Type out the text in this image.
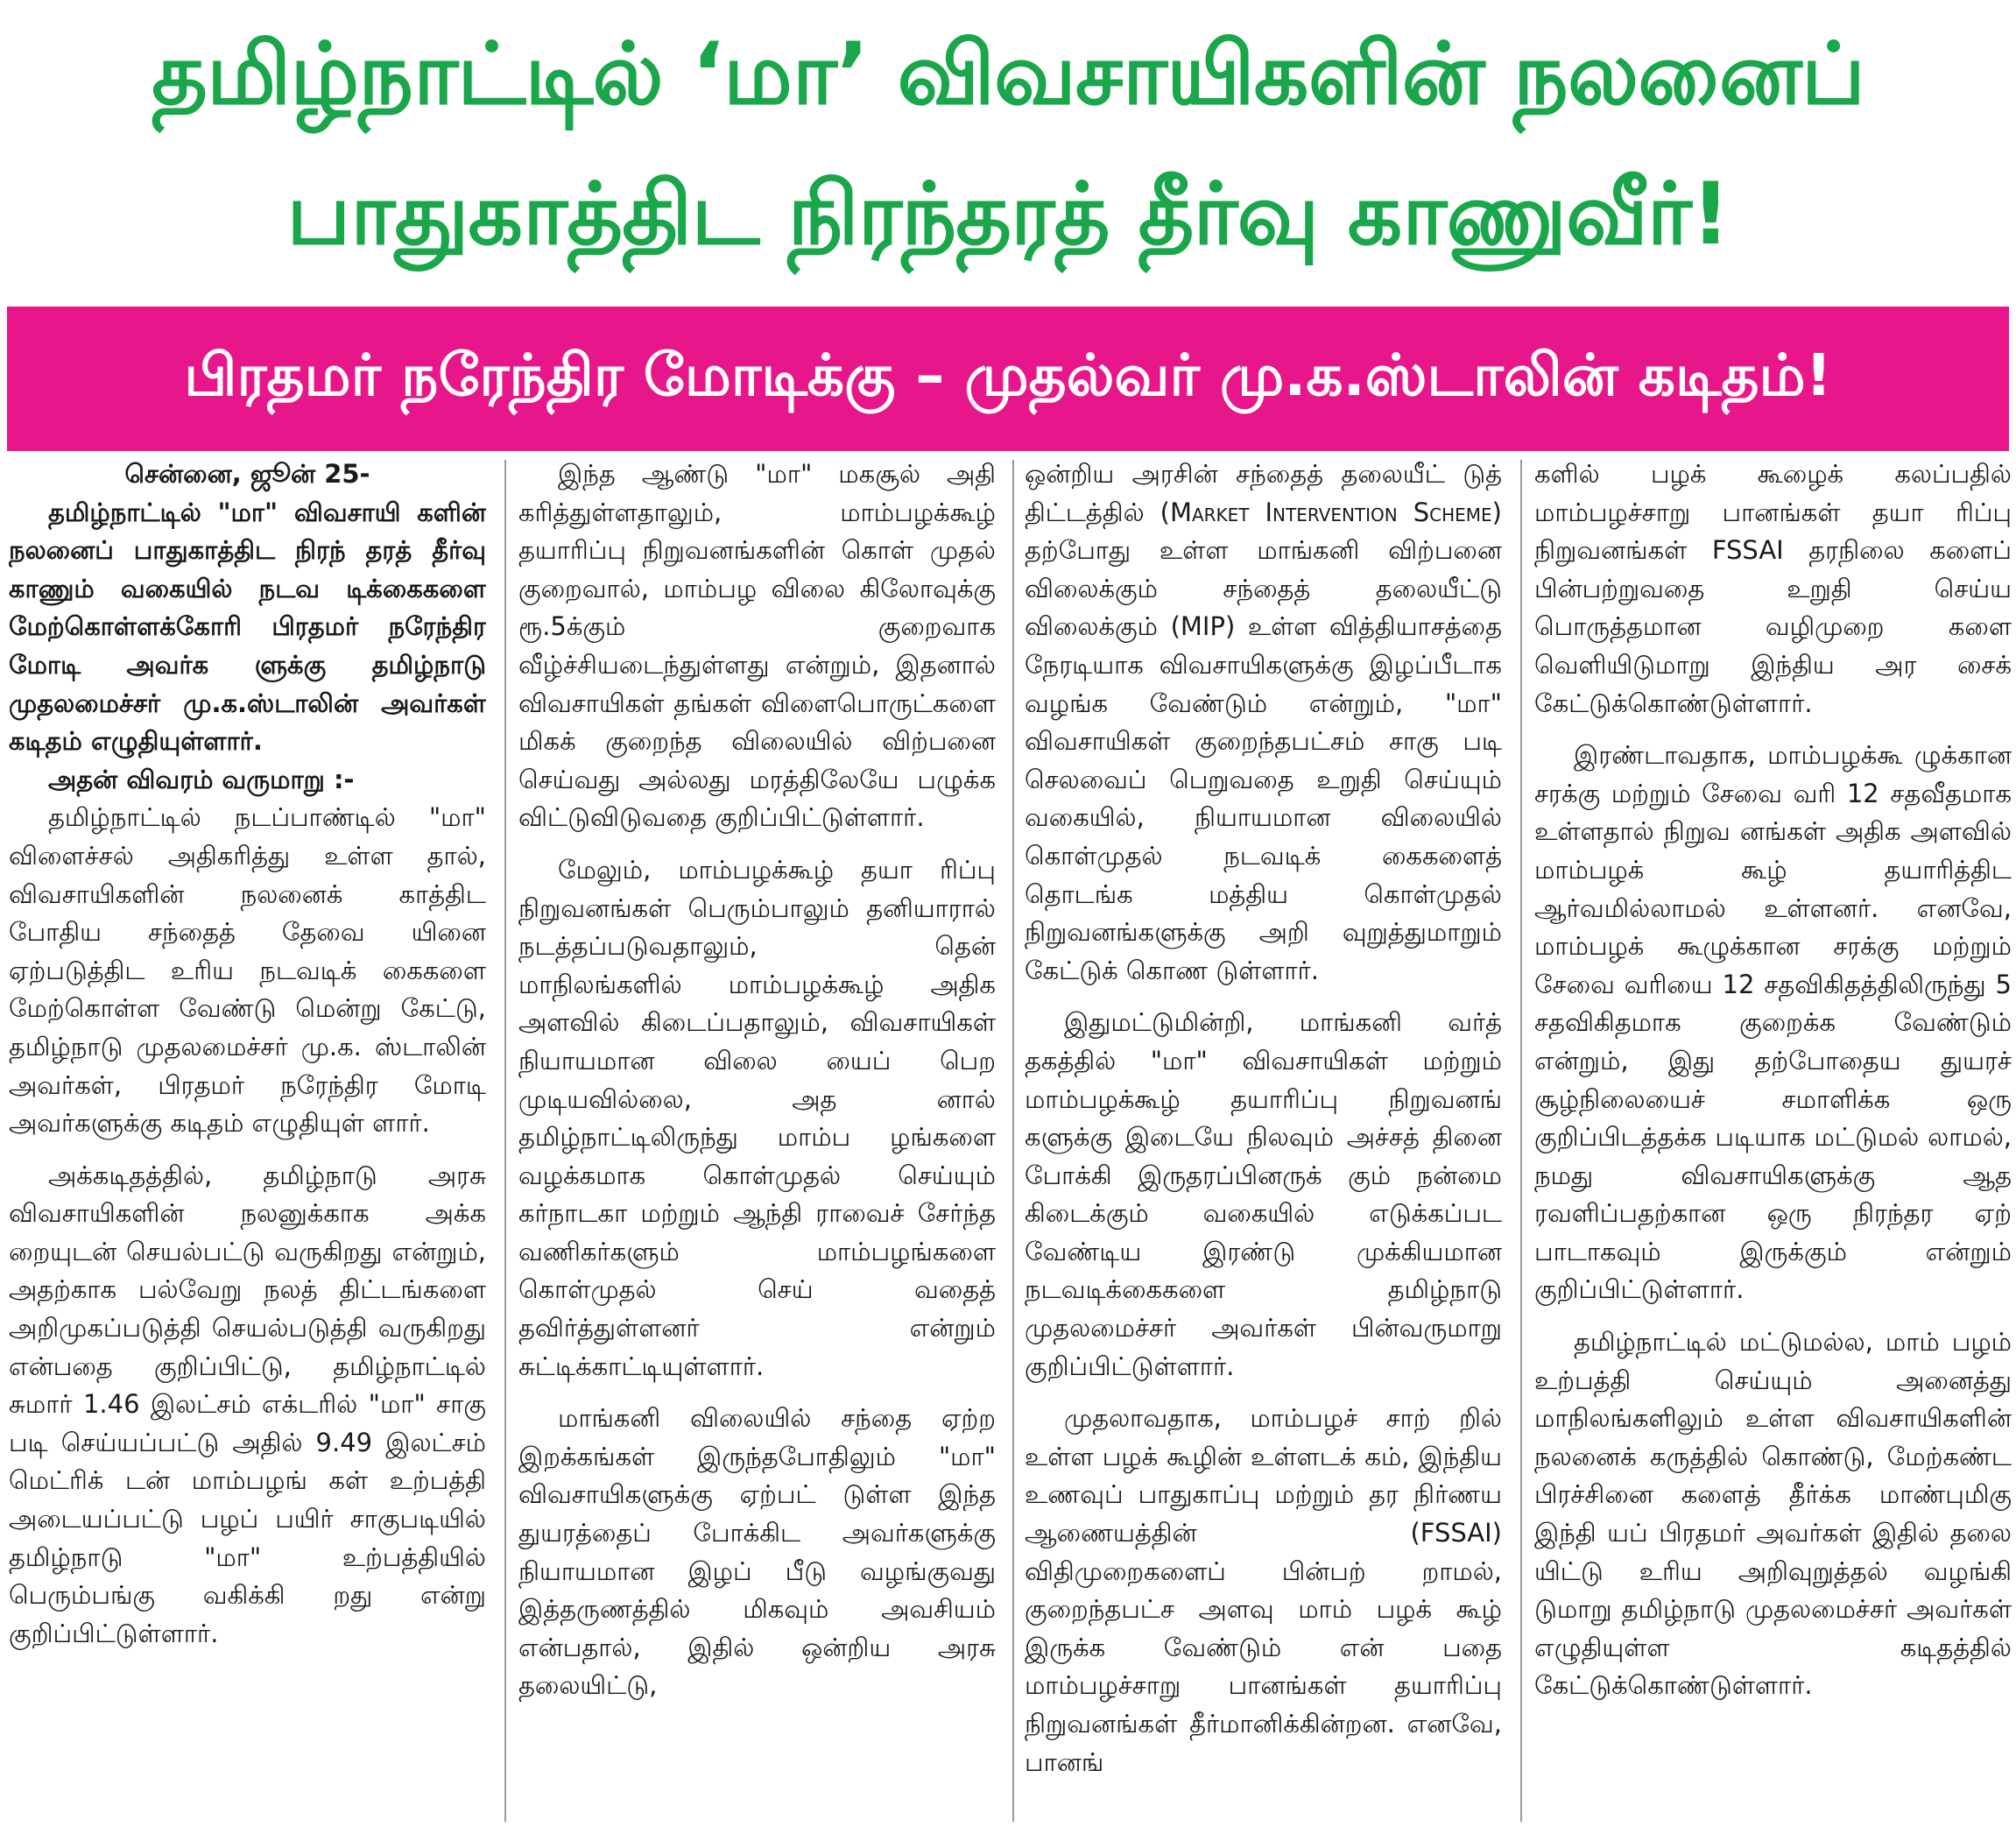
தமிழ்நாட்டில் ‘மா’ விவசாயிகளின் நலனைப்
பாதுகாத்திட நிரந்தரத் தீர்வு காணுவீர்!
பிரதமர் நரேந்திர மோடிக்கு – முதல்வர் மு.க.ஸ்டாலின் கடிதம்!

சென்னை, ஜூன் 25-

தமிழ்நாட்டில் "மா" விவசாயி களின் நலனைப் பாதுகாத்திட நிரந் தரத் தீர்வு காணும் வகையில் நடவ டிக்கைகளை மேற்கொள்ளக்கோரி பிரதமர் நரேந்திர மோடி அவர்க ளுக்கு தமிழ்நாடு முதலமைச்சர் மு.க.ஸ்டாலின் அவர்கள் கடிதம் எழுதியுள்ளார்.

அதன் விவரம் வருமாறு :-

தமிழ்நாட்டில் நடப்பாண்டில் "மா" விளைச்சல் அதிகரித்து உள்ள தால், விவசாயிகளின் நலனைக் காத்திட போதிய சந்தைத் தேவை யினை ஏற்படுத்திட உரிய நடவடிக் கைகளை மேற்கொள்ள வேண்டு மென்று கேட்டு, தமிழ்நாடு முதலமைச்சர் மு.க. ஸ்டாலின் அவர்கள், பிரதமர் நரேந்திர மோடி அவர்களுக்கு கடிதம் எழுதியுள் ளார்.

அக்கடிதத்தில், தமிழ்நாடு அரசு விவசாயிகளின் நலனுக்காக அக்க றையுடன் செயல்பட்டு வருகிறது என்றும், அதற்காக பல்வேறு நலத் திட்டங்களை அறிமுகப்படுத்தி செயல்படுத்தி வருகிறது என்பதை குறிப்பிட்டு, தமிழ்நாட்டில் சுமார் 1.46 இலட்சம் எக்டரில் "மா" சாகு படி செய்யப்பட்டு அதில் 9.49 இலட்சம் மெட்ரிக் டன் மாம்பழங் கள் உற்பத்தி அடையப்பட்டு பழப் பயிர் சாகுபடியில் தமிழ்நாடு "மா" உற்பத்தியில் பெரும்பங்கு வகிக்கி றது என்று குறிப்பிட்டுள்ளார்.

இந்த ஆண்டு "மா" மகசூல் அதி கரித்துள்ளதாலும், மாம்பழக்கூழ் தயாரிப்பு நிறுவனங்களின் கொள் முதல் குறைவால், மாம்பழ விலை கிலோவுக்கு ரூ.5க்கும் குறைவாக வீழ்ச்சியடைந்துள்ளது என்றும், இதனால் விவசாயிகள் தங்கள் விளைபொருட்களை மிகக் குறைந்த விலையில் விற்பனை செய்வது அல்லது மரத்திலேயே பழுக்க விட்டுவிடுவதை குறிப்பிட்டுள்ளார்.

மேலும், மாம்பழக்கூழ் தயா ரிப்பு நிறுவனங்கள் பெரும்பாலும் தனியாரால் நடத்தப்படுவதாலும், தென் மாநிலங்களில் மாம்பழக்கூழ் அதிக அளவில் கிடைப்பதாலும், விவசாயிகள் நியாயமான விலை யைப் பெற முடியவில்லை, அத னால் தமிழ்நாட்டிலிருந்து மாம்ப ழங்களை வழக்கமாக கொள்முதல் செய்யும் கர்நாடகா மற்றும் ஆந்தி ராவைச் சேர்ந்த வணிகர்களும் மாம்பழங்களை கொள்முதல் செய் வதைத் தவிர்த்துள்ளனர் என்றும் சுட்டிக்காட்டியுள்ளார்.

மாங்கனி விலையில் சந்தை ஏற்ற இறக்கங்கள் இருந்தபோதிலும் "மா" விவசாயிகளுக்கு ஏற்பட் டுள்ள இந்த துயரத்தைப் போக்கிட அவர்களுக்கு நியாயமான இழப் பீடு வழங்குவது இத்தருணத்தில் மிகவும் அவசியம் என்பதால், இதில் ஒன்றிய அரசு தலையிட்டு,

ஒன்றிய அரசின் சந்தைத் தலையீட் டுத் திட்டத்தில் (Market Intervention Scheme) தற்போது உள்ள மாங்கனி விற்பனை விலைக்கும் சந்தைத் தலையீட்டு விலைக்கும் (MIP) உள்ள வித்தியாசத்தை நேரடியாக விவசாயிகளுக்கு இழப்பீடாக வழங்க வேண்டும் என்றும், "மா" விவசாயிகள் குறைந்தபட்சம் சாகு படி செலவைப் பெறுவதை உறுதி செய்யும் வகையில், நியாயமான விலையில் கொள்முதல் நடவடிக் கைகளைத் தொடங்க மத்திய கொள்முதல் நிறுவனங்களுக்கு அறி வுறுத்துமாறும் கேட்டுக் கொண டுள்ளார்.

இதுமட்டுமின்றி, மாங்கனி வர்த் தகத்தில் "மா" விவசாயிகள் மற்றும் மாம்பழக்கூழ் தயாரிப்பு நிறுவனங் களுக்கு இடையே நிலவும் அச்சத் தினை போக்கி இருதரப்பினருக் கும் நன்மை கிடைக்கும் வகையில் எடுக்கப்பட வேண்டிய இரண்டு முக்கியமான நடவடிக்கைகளை தமிழ்நாடு முதலமைச்சர் அவர்கள் பின்வருமாறு குறிப்பிட்டுள்ளார்.

முதலாவதாக, மாம்பழச் சாற் றில் உள்ள பழக் கூழின் உள்ளடக் கம், இந்திய உணவுப் பாதுகாப்பு மற்றும் தர நிர்ணய ஆணையத்தின் (FSSAI) விதிமுறைகளைப் பின்பற் றாமல், குறைந்தபட்ச அளவு மாம் பழக் கூழ் இருக்க வேண்டும் என் பதை மாம்பழச்சாறு பானங்கள் தயாரிப்பு நிறுவனங்கள் தீர்மானிக்கின்றன. எனவே, பானங்

களில் பழக் கூழைக் கலப்பதில் மாம்பழச்சாறு பானங்கள் தயா ரிப்பு நிறுவனங்கள் FSSAI தரநிலை களைப் பின்பற்றுவதை உறுதி செய்ய பொருத்தமான வழிமுறை களை வெளியிடுமாறு இந்திய அர சைக் கேட்டுக்கொண்டுள்ளார்.

இரண்டாவதாக, மாம்பழக்கூ ழுக்கான சரக்கு மற்றும் சேவை வரி 12 சதவீதமாக உள்ளதால் நிறுவ னங்கள் அதிக அளவில் மாம்பழக் கூழ் தயாரித்திட ஆர்வமில்லாமல் உள்ளனர். எனவே, மாம்பழக் கூழுக்கான சரக்கு மற்றும் சேவை வரியை 12 சதவிகிதத்திலிருந்து 5 சதவிகிதமாக குறைக்க வேண்டும் என்றும், இது தற்போதைய துயரச் சூழ்நிலையைச் சமாளிக்க ஒரு குறிப்பிடத்தக்க படியாக மட்டுமல் லாமல், நமது விவசாயிகளுக்கு ஆத ரவளிப்பதற்கான ஒரு நிரந்தர ஏற் பாடாகவும் இருக்கும் என்றும் குறிப்பிட்டுள்ளார்.

தமிழ்நாட்டில் மட்டுமல்ல, மாம் பழம் உற்பத்தி செய்யும் அனைத்து மாநிலங்களிலும் உள்ள விவசாயிகளின் நலனைக் கருத்தில் கொண்டு, மேற்கண்ட பிரச்சினை களைத் தீர்க்க மாண்புமிகு இந்தி யப் பிரதமர் அவர்கள் இதில் தலை யிட்டு உரிய அறிவுறுத்தல் வழங்கி டுமாறு தமிழ்நாடு முதலமைச்சர் அவர்கள் எழுதியுள்ள கடிதத்தில் கேட்டுக்கொண்டுள்ளார்.
